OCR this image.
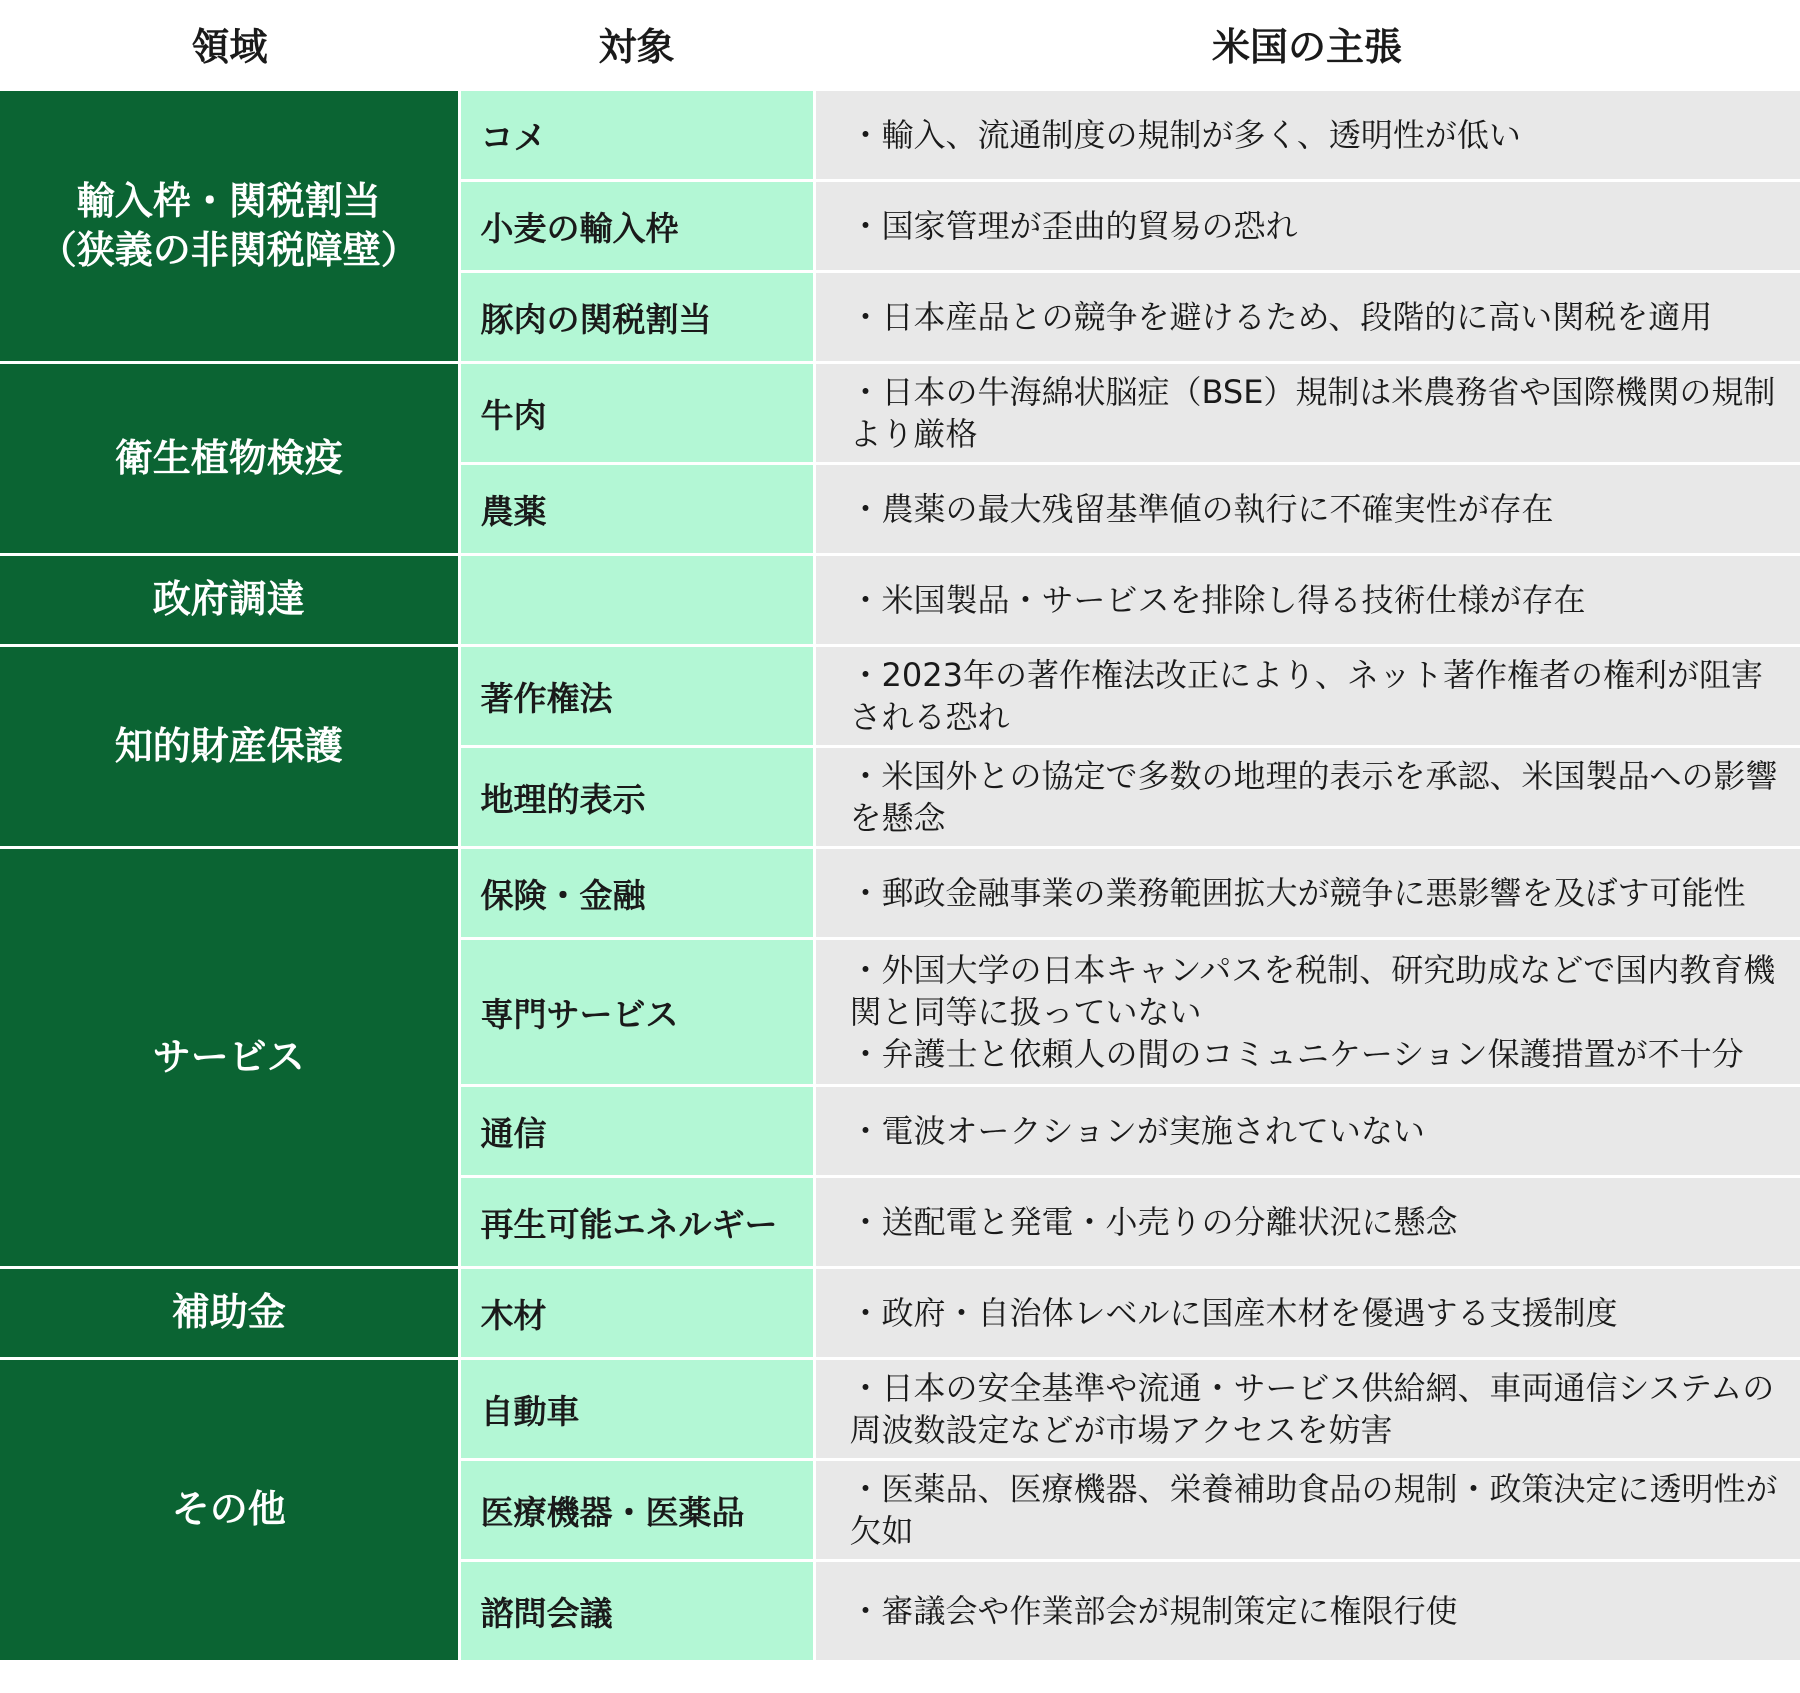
領域	対象	米国の主張
輸入枠・関税割当
（狭義の非関税障壁）	コメ	・輸入、流通制度の規制が多く、透明性が低い

	小麦の輸入枠	・国家管理が歪曲的貿易の恐れ

	豚肉の関税割当	・日本産品との競争を避けるため、段階的に高い関税を適用

衛生植物検疫	牛肉	・日本の牛海綿状脳症（BSE）規制は米農務省や国際機関の規制より厳格

	農薬	・農薬の最大残留基準値の執行に不確実性が存在

政府調達		・米国製品・サービスを排除し得る技術仕様が存在

知的財産保護	著作権法	・2023年の著作権法改正により、ネット著作権者の権利が阻害される恐れ

	地理的表示	・米国外との協定で多数の地理的表示を承認、米国製品への影響を懸念

サービス	保険・金融	・郵政金融事業の業務範囲拡大が競争に悪影響を及ぼす可能性

	専門サービス	・外国大学の日本キャンパスを税制、研究助成などで国内教育機関と同等に扱っていない
・弁護士と依頼人の間のコミュニケーション保護措置が不十分

	通信	・電波オークションが実施されていない

	再生可能エネルギー	・送配電と発電・小売りの分離状況に懸念

補助金	木材	・政府・自治体レベルに国産木材を優遇する支援制度

その他	自動車	・日本の安全基準や流通・サービス供給網、車両通信システムの周波数設定などが市場アクセスを妨害

	医療機器・医薬品	・医薬品、医療機器、栄養補助食品の規制・政策決定に透明性が欠如

	諮問会議	・審議会や作業部会が規制策定に権限行使
